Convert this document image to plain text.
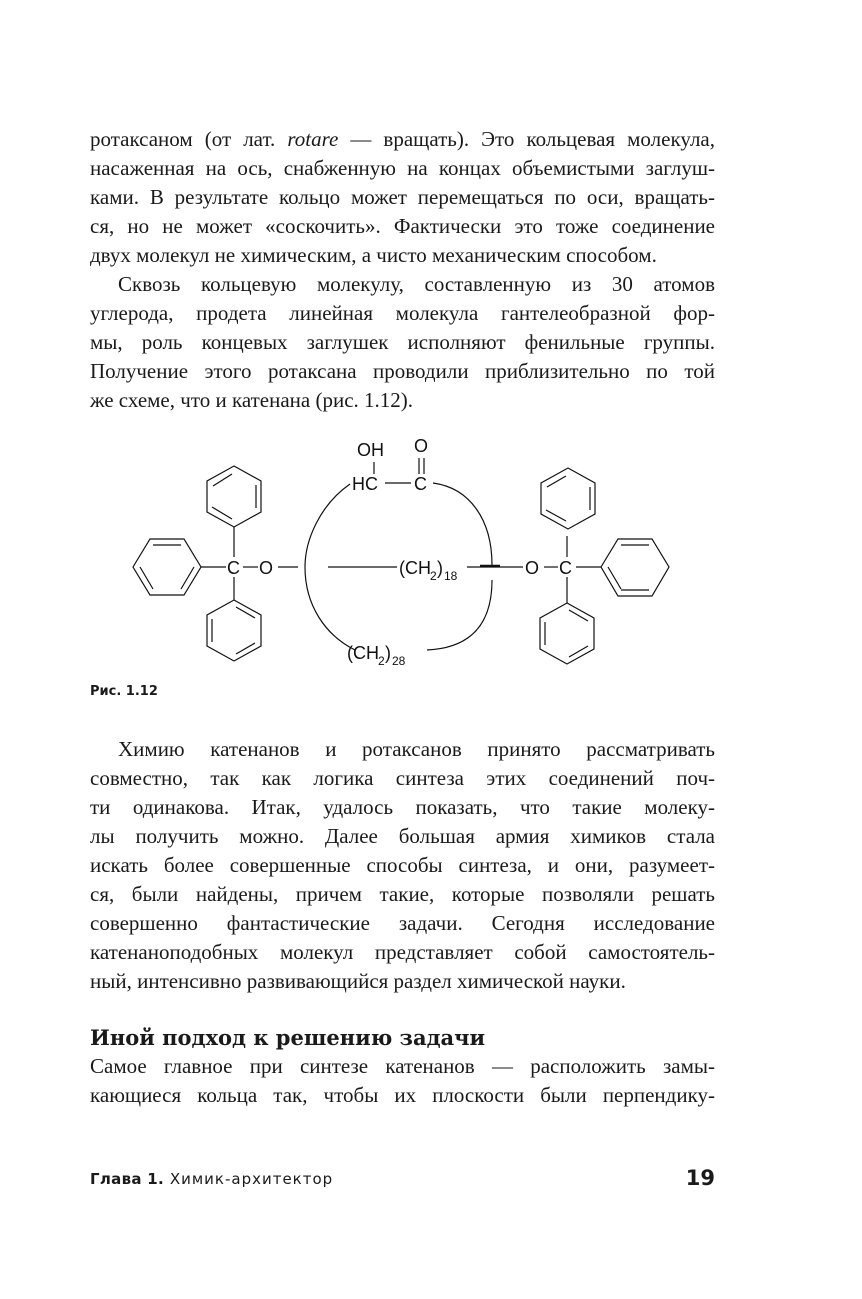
ротаксаном (от лат. rotare — вращать). Это кольцевая молекула,
насаженная на ось, снабженную на концах объемистыми заглуш-
ками. В результате кольцо может перемещаться по оси, вращать-
ся, но не может «соскочить». Фактически это тоже соединение
двух молекул не химическим, а чисто механическим способом.
Сквозь кольцевую молекулу, составленную из 30 атомов
углерода, продета линейная молекула гантелеобразной фор-
мы, роль концевых заглушек исполняют фенильные группы.
Получение этого ротаксана проводили приблизительно по той
же схеме, что и катенана (рис. 1.12).
OH O
HC C
C O	O C
(CH 2 ) 18
(CH 2 ) 28
Рис. 1.12
Химию катенанов и ротаксанов принято рассматривать
совместно, так как логика синтеза этих соединений поч-
ти одинакова. Итак, удалось показать, что такие молеку-
лы получить можно. Далее большая армия химиков стала
искать более совершенные способы синтеза, и они, разумеет-
ся, были найдены, причем такие, которые позволяли решать
совершенно фантастические задачи. Сегодня исследование
катенаноподобных молекул представляет собой самостоятель-
ный, интенсивно развивающийся раздел химической науки.
Иной подход к решению задачи
Самое главное при синтезе катенанов — расположить замы-
кающиеся кольца так, чтобы их плоскости были перпендику-
Глава 1. Химик-архитектор	19
